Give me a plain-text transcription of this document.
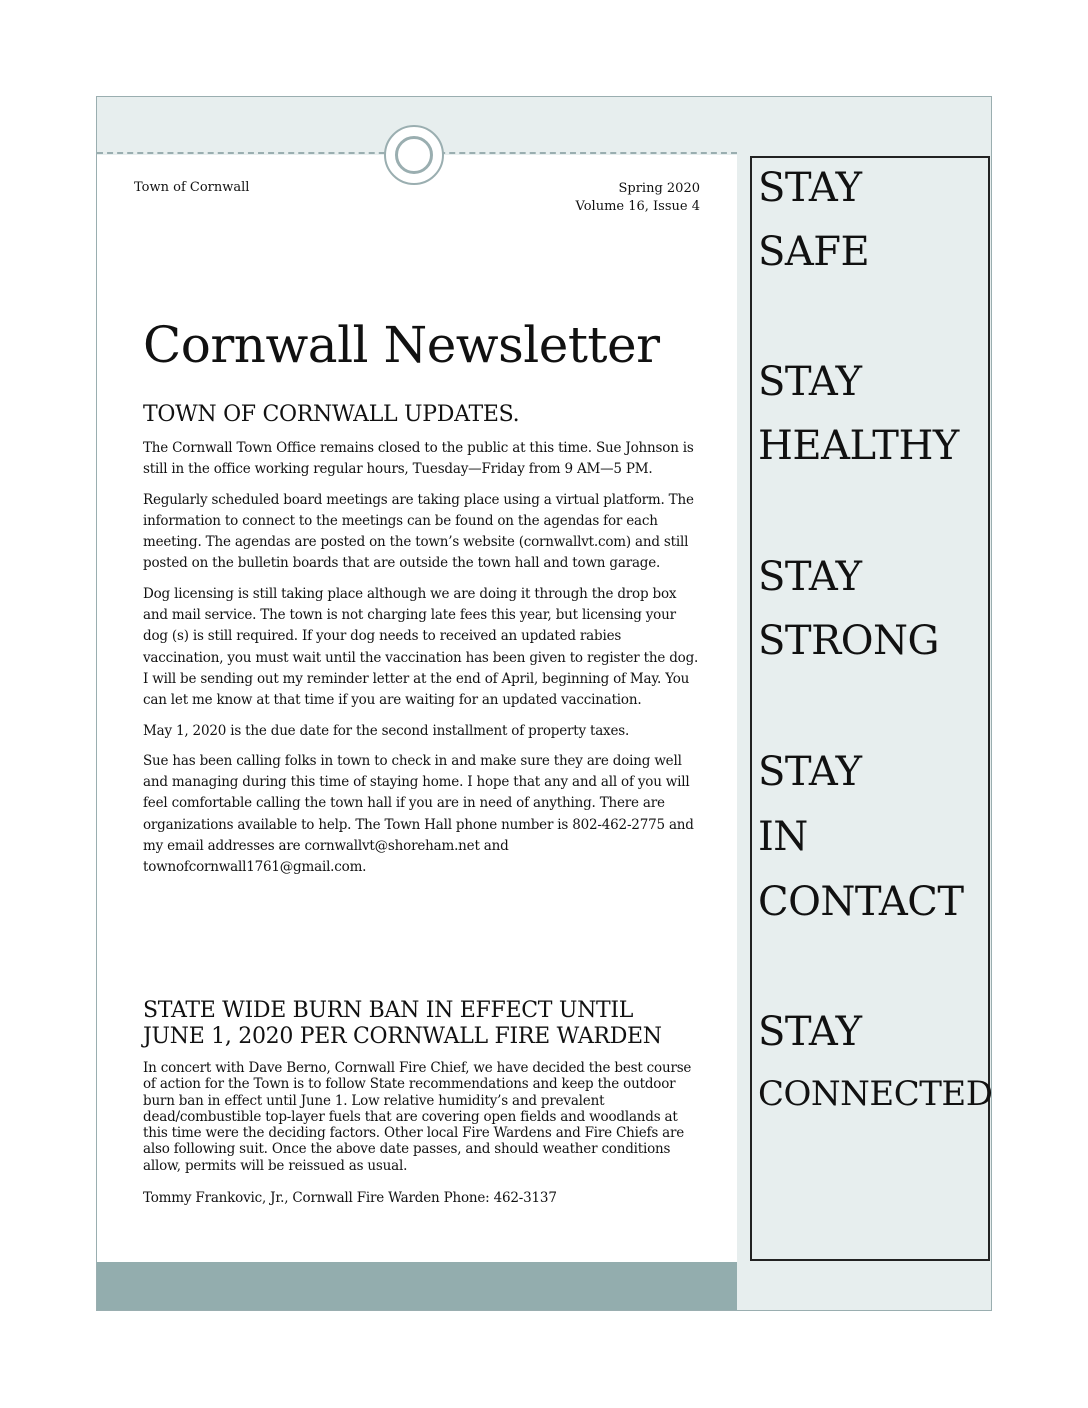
Town of Cornwall	Spring 2020
Volume 16, Issue 4
Cornwall Newsletter
TOWN OF CORNWALL UPDATES.

The Cornwall Town Office remains closed to the public at this time. Sue Johnson is still in the office working regular hours, Tuesday—Friday from 9 AM—5 PM.

Regularly scheduled board meetings are taking place using a virtual platform. The information to connect to the meetings can be found on the agendas for each meeting. The agendas are posted on the town’s website (cornwallvt.com) and still posted on the bulletin boards that are outside the town hall and town garage.

Dog licensing is still taking place although we are doing it through the drop box and mail service. The town is not charging late fees this year, but licensing your dog (s) is still required. If your dog needs to received an updated rabies vaccination, you must wait until the vaccination has been given to register the dog. I will be sending out my reminder letter at the end of April, beginning of May. You can let me know at that time if you are waiting for an updated vaccination.

May 1, 2020 is the due date for the second installment of property taxes.

Sue has been calling folks in town to check in and make sure they are doing well and managing during this time of staying home. I hope that any and all of you will feel comfortable calling the town hall if you are in need of anything. There are organizations available to help. The Town Hall phone number is 802-462-2775 and my email addresses are cornwallvt@shoreham.net and townofcornwall1761@gmail.com.

STATE WIDE BURN BAN IN EFFECT UNTIL JUNE 1, 2020 PER CORNWALL FIRE WARDEN

In concert with Dave Berno, Cornwall Fire Chief, we have decided the best course of action for the Town is to follow State recommendations and keep the outdoor burn ban in effect until June 1. Low relative humidity’s and prevalent dead/combustible top-layer fuels that are covering open fields and woodlands at this time were the deciding factors. Other local Fire Wardens and Fire Chiefs are also following suit. Once the above date passes, and should weather conditions allow, permits will be reissued as usual.

Tommy Frankovic, Jr., Cornwall Fire Warden Phone: 462-3137

STAY
SAFE
STAY
HEALTHY
STAY
STRONG
STAY
IN
CONTACT
STAY
CONNECTED
